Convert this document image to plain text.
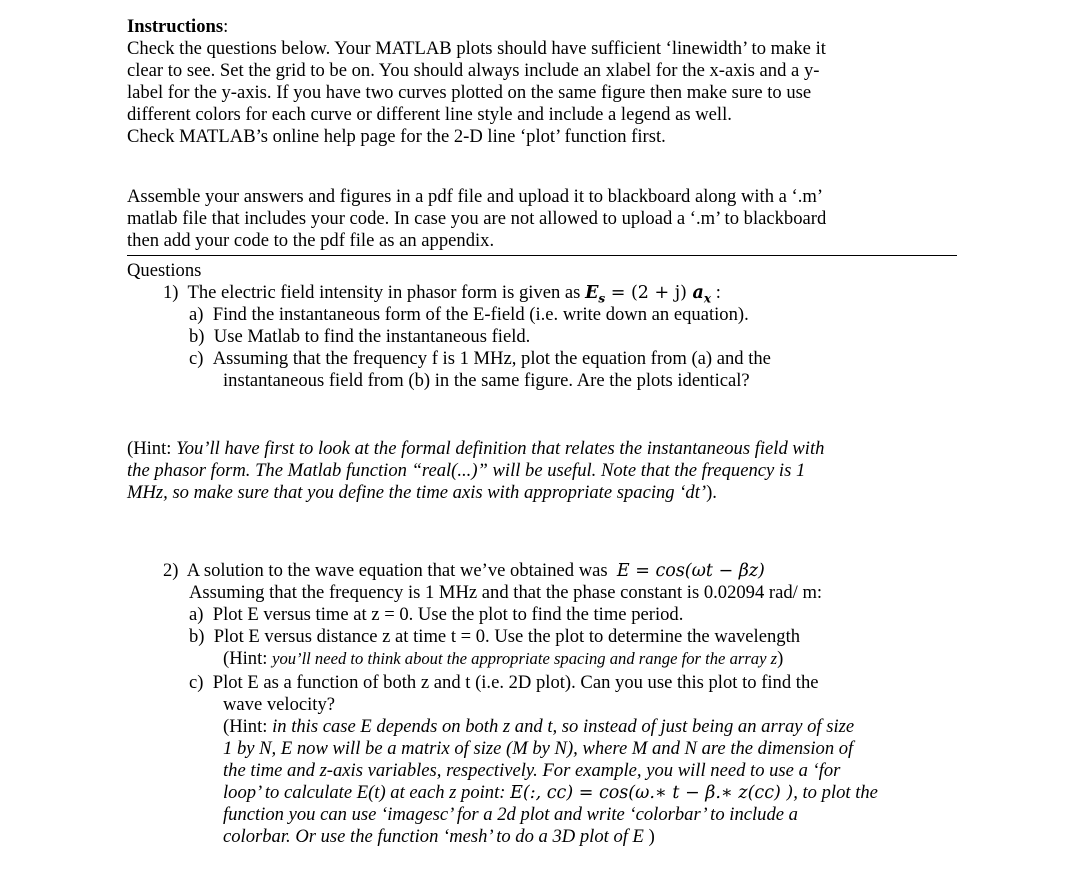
Instructions:
Check the questions below. Your MATLAB plots should have sufficient ‘linewidth’ to make it
clear to see. Set the grid to be on. You should always include an xlabel for the x-axis and a y-
label for the y-axis. If you have two curves plotted on the same figure then make sure to use
different colors for each curve or different line style and include a legend as well.
Check MATLAB’s online help page for the 2-D line ‘plot’ function first.
Assemble your answers and figures in a pdf file and upload it to blackboard along with a ‘.m’
matlab file that includes your code. In case you are not allowed to upload a ‘.m’ to blackboard
then add your code to the pdf file as an appendix.
Questions
1) The electric field intensity in phasor form is given as $E_s = (2 + j)$ $a_x$ :
a) Find the instantaneous form of the E-field (i.e. write down an equation).
b) Use Matlab to find the instantaneous field.
c) Assuming that the frequency f is 1 MHz, plot the equation from (a) and the
instantaneous field from (b) in the same figure. Are the plots identical?
(Hint: You’ll have first to look at the formal definition that relates the instantaneous field with
the phasor form. The Matlab function “real(...)” will be useful. Note that the frequency is 1
MHz, so make sure that you define the time axis with appropriate spacing ‘dt’).
2) A solution to the wave equation that we’ve obtained was E = cos(ωt − βz)
Assuming that the frequency is 1 MHz and that the phase constant is 0.02094 rad/ m:
a) Plot E versus time at z = 0. Use the plot to find the time period.
b) Plot E versus distance z at time t = 0. Use the plot to determine the wavelength
(Hint: you’ll need to think about the appropriate spacing and range for the array z)
c) Plot E as a function of both z and t (i.e. 2D plot). Can you use this plot to find the
wave velocity?
(Hint: in this case E depends on both z and t, so instead of just being an array of size
1 by N, E now will be a matrix of size (M by N), where M and N are the dimension of
the time and z-axis variables, respectively. For example, you will need to use a ‘for
loop’ to calculate E(t) at each z point: E(:, cc) = cos(ω.∗ t − β.∗ z(cc) ), to plot the
function you can use ‘imagesc’ for a 2d plot and write ‘colorbar’ to include a
colorbar. Or use the function ‘mesh’ to do a 3D plot of E )
